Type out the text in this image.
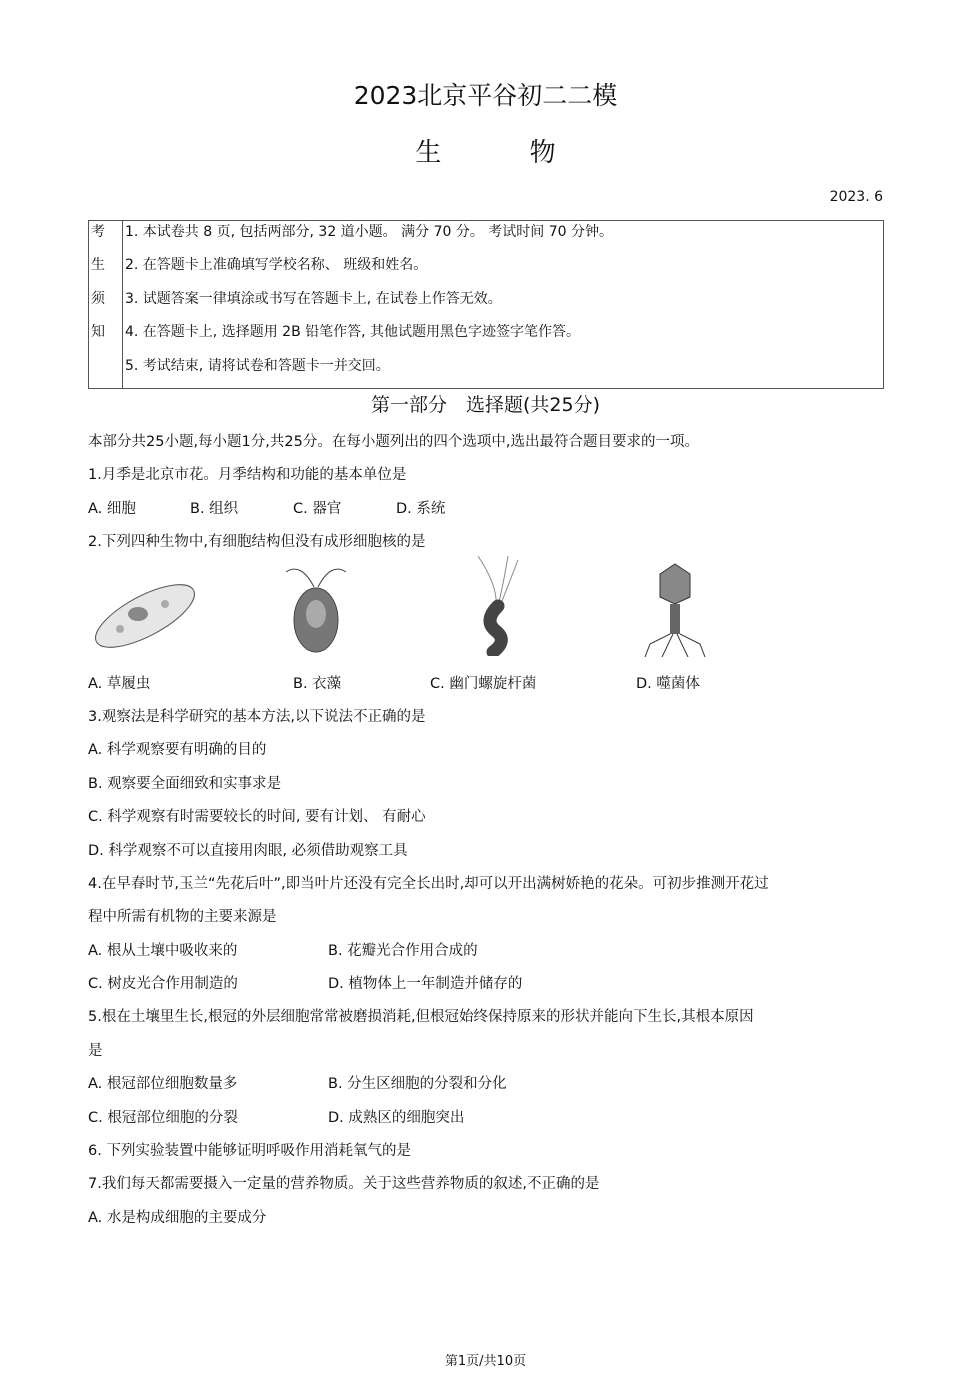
2023北京平谷初二二模
生 物
2023. 6
考
生
须
知

1. 本试卷共 8 页, 包括两部分, 32 道小题。 满分 70 分。 考试时间 70 分钟。
2. 在答题卡上准确填写学校名称、 班级和姓名。
3. 试题答案一律填涂或书写在答题卡上, 在试卷上作答无效。
4. 在答题卡上, 选择题用 2B 铅笔作答, 其他试题用黑色字迹签字笔作答。
5. 考试结束, 请将试卷和答题卡一并交回。
第一部分　选择题(共25分)
本部分共25小题,每小题1分,共25分。在每小题列出的四个选项中,选出最符合题目要求的一项。
1.月季是北京市花。月季结构和功能的基本单位是
A. 细胞	B. 组织	C. 器官	D. 系统
2.下列四种生物中,有细胞结构但没有成形细胞核的是
A. 草履虫	B. 衣藻	C. 幽门螺旋杆菌	D. 噬菌体
3.观察法是科学研究的基本方法,以下说法不正确的是
A. 科学观察要有明确的目的
B. 观察要全面细致和实事求是
C. 科学观察有时需要较长的时间, 要有计划、 有耐心
D. 科学观察不可以直接用肉眼, 必须借助观察工具
4.在早春时节,玉兰“先花后叶”,即当叶片还没有完全长出时,却可以开出满树娇艳的花朵。可初步推测开花过
程中所需有机物的主要来源是
A. 根从土壤中吸收来的	B. 花瓣光合作用合成的
C. 树皮光合作用制造的	D. 植物体上一年制造并储存的
5.根在土壤里生长,根冠的外层细胞常常被磨损消耗,但根冠始终保持原来的形状并能向下生长,其根本原因
是
A. 根冠部位细胞数量多	B. 分生区细胞的分裂和分化
C. 根冠部位细胞的分裂	D. 成熟区的细胞突出
6. 下列实验装置中能够证明呼吸作用消耗氧气的是
7.我们每天都需要摄入一定量的营养物质。关于这些营养物质的叙述,不正确的是
A. 水是构成细胞的主要成分
第1页/共10页
